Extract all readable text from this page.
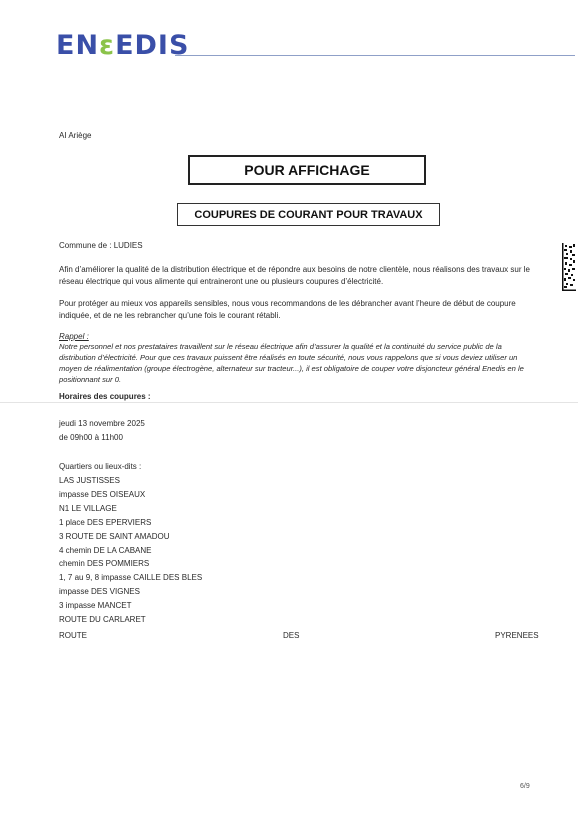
ENεEDIS
AI Ariège
POUR AFFICHAGE
COUPURES DE COURANT POUR TRAVAUX
Commune de : LUDIES
Afin d’améliorer la qualité de la distribution électrique et de répondre aux besoins de notre clientèle, nous réalisons des travaux sur le réseau électrique qui vous alimente qui entraineront une ou plusieurs coupures d’électricité.
Pour protéger au mieux vos appareils sensibles, nous vous recommandons de les débrancher avant l’heure de début de coupure indiquée, et de ne les rebrancher qu’une fois le courant rétabli.
Rappel :
Notre personnel et nos prestataires travaillent sur le réseau électrique afin d’assurer la qualité et la continuité du service public de la distribution d’électricité. Pour que ces travaux puissent être réalisés en toute sécurité, nous vous rappelons que si vous deviez utiliser un moyen de réalimentation (groupe électrogène, alternateur sur tracteur...), il est obligatoire de couper votre disjoncteur général Enedis en le positionnant sur 0.
Horaires des coupures :
jeudi 13 novembre 2025
de 09h00 à 11h00
Quartiers ou lieux-dits :
LAS JUSTISSES
impasse DES OISEAUX
N1 LE VILLAGE
1 place DES EPERVIERS
3 ROUTE DE SAINT AMADOU
4 chemin DE LA CABANE
chemin DES POMMIERS
1, 7 au 9, 8 impasse CAILLE DES BLES
impasse DES VIGNES
3 impasse MANCET
ROUTE DU CARLARET
ROUTE	DES	PYRENEES
6/9
